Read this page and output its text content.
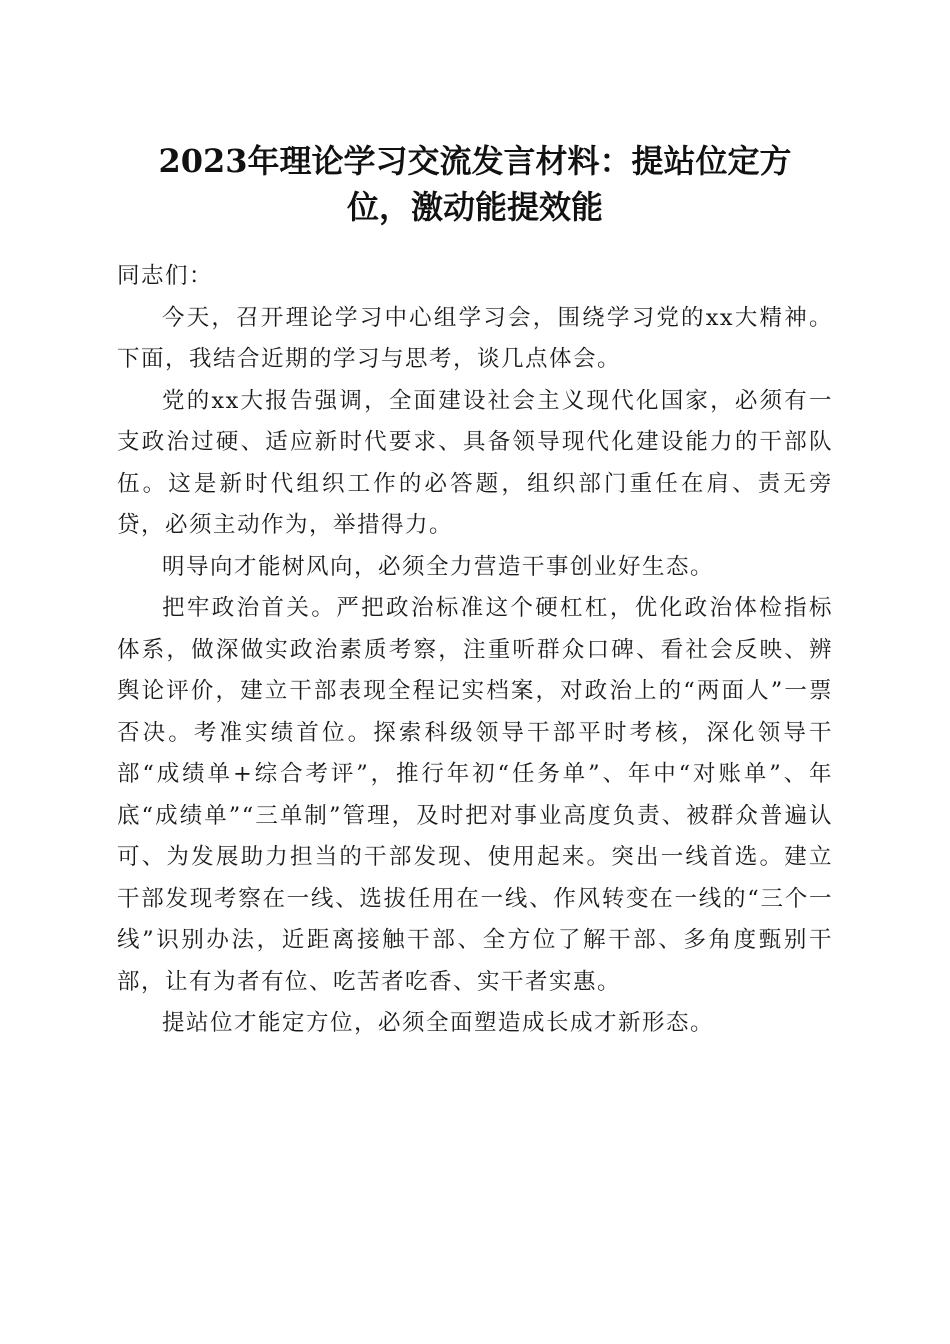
2023年理论学习交流发言材料：提站位定方
位，激动能提效能

同志们：

今天，召开理论学习中心组学习会，围绕学习党的xx大精神。下面，我结合近期的学习与思考，谈几点体会。

党的xx大报告强调，全面建设社会主义现代化国家，必须有一支政治过硬、适应新时代要求、具备领导现代化建设能力的干部队伍。这是新时代组织工作的必答题，组织部门重任在肩、责无旁贷，必须主动作为，举措得力。

明导向才能树风向，必须全力营造干事创业好生态。

把牢政治首关。严把政治标准这个硬杠杠，优化政治体检指标体系，做深做实政治素质考察，注重听群众口碑、看社会反映、辨舆论评价，建立干部表现全程记实档案，对政治上的“两面人”一票否决。考准实绩首位。探索科级领导干部平时考核，深化领导干部“成绩单+综合考评”，推行年初“任务单”、年中“对账单”、年底“成绩单”“三单制”管理，及时把对事业高度负责、被群众普遍认可、为发展助力担当的干部发现、使用起来。突出一线首选。建立干部发现考察在一线、选拔任用在一线、作风转变在一线的“三个一线”识别办法，近距离接触干部、全方位了解干部、多角度甄别干部，让有为者有位、吃苦者吃香、实干者实惠。

提站位才能定方位，必须全面塑造成长成才新形态。
